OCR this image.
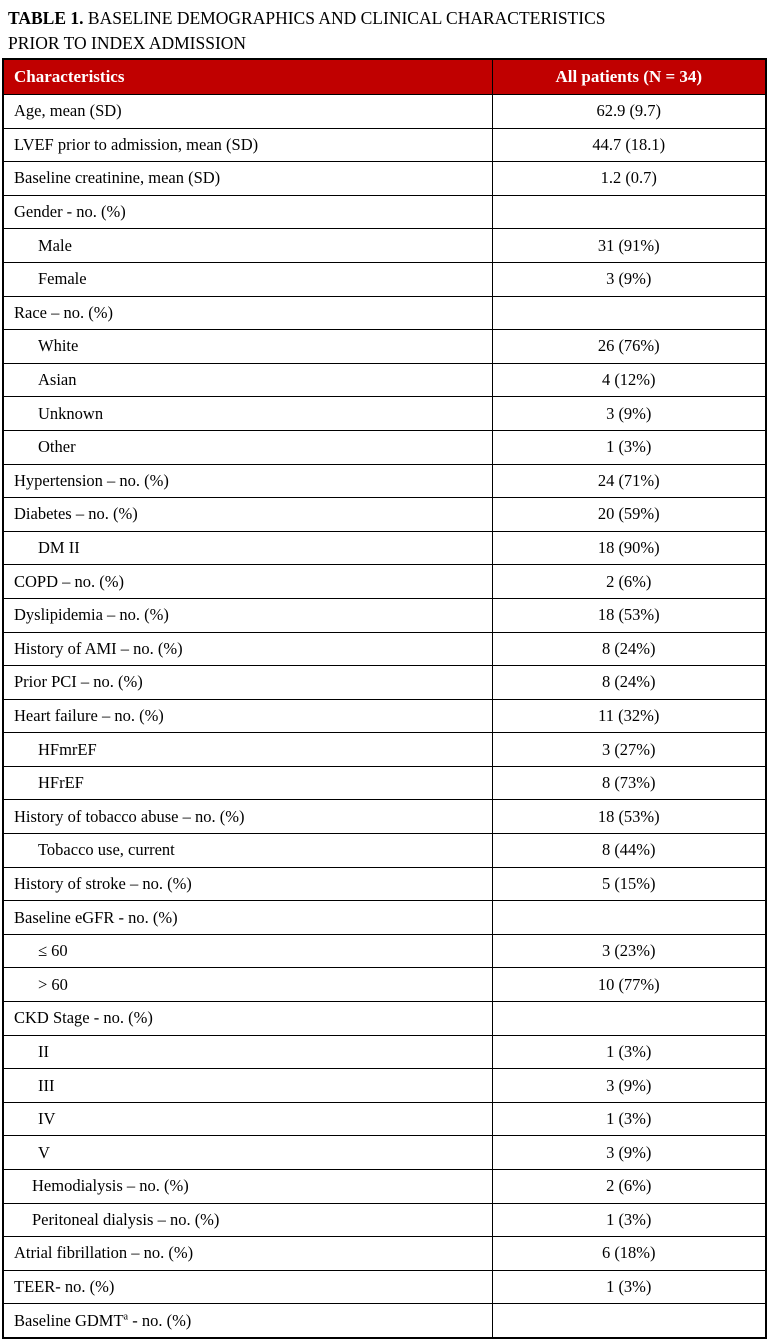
TABLE 1. BASELINE DEMOGRAPHICS AND CLINICAL CHARACTERISTICS PRIOR TO INDEX ADMISSION
Characteristics	All patients (N = 34)
Age, mean (SD)	62.9 (9.7)
LVEF prior to admission, mean (SD)	44.7 (18.1)
Baseline creatinine, mean (SD)	1.2 (0.7)
Gender - no. (%)	
Male	31 (91%)
Female	3 (9%)
Race – no. (%)	
White	26 (76%)
Asian	4 (12%)
Unknown	3 (9%)
Other	1 (3%)
Hypertension – no. (%)	24 (71%)
Diabetes – no. (%)	20 (59%)
DM II	18 (90%)
COPD – no. (%)	2 (6%)
Dyslipidemia – no. (%)	18 (53%)
History of AMI – no. (%)	8 (24%)
Prior PCI – no. (%)	8 (24%)
Heart failure – no. (%)	11 (32%)
HFmrEF	3 (27%)
HFrEF	8 (73%)
History of tobacco abuse – no. (%)	18 (53%)
Tobacco use, current	8 (44%)
History of stroke – no. (%)	5 (15%)
Baseline eGFR - no. (%)	
≤ 60	3 (23%)
> 60	10 (77%)
CKD Stage - no. (%)	
II	1 (3%)
III	3 (9%)
IV	1 (3%)
V	3 (9%)
Hemodialysis – no. (%)	2 (6%)
Peritoneal dialysis – no. (%)	1 (3%)
Atrial fibrillation – no. (%)	6 (18%)
TEER- no. (%)	1 (3%)
Baseline GDMT$^a$ - no. (%)	
